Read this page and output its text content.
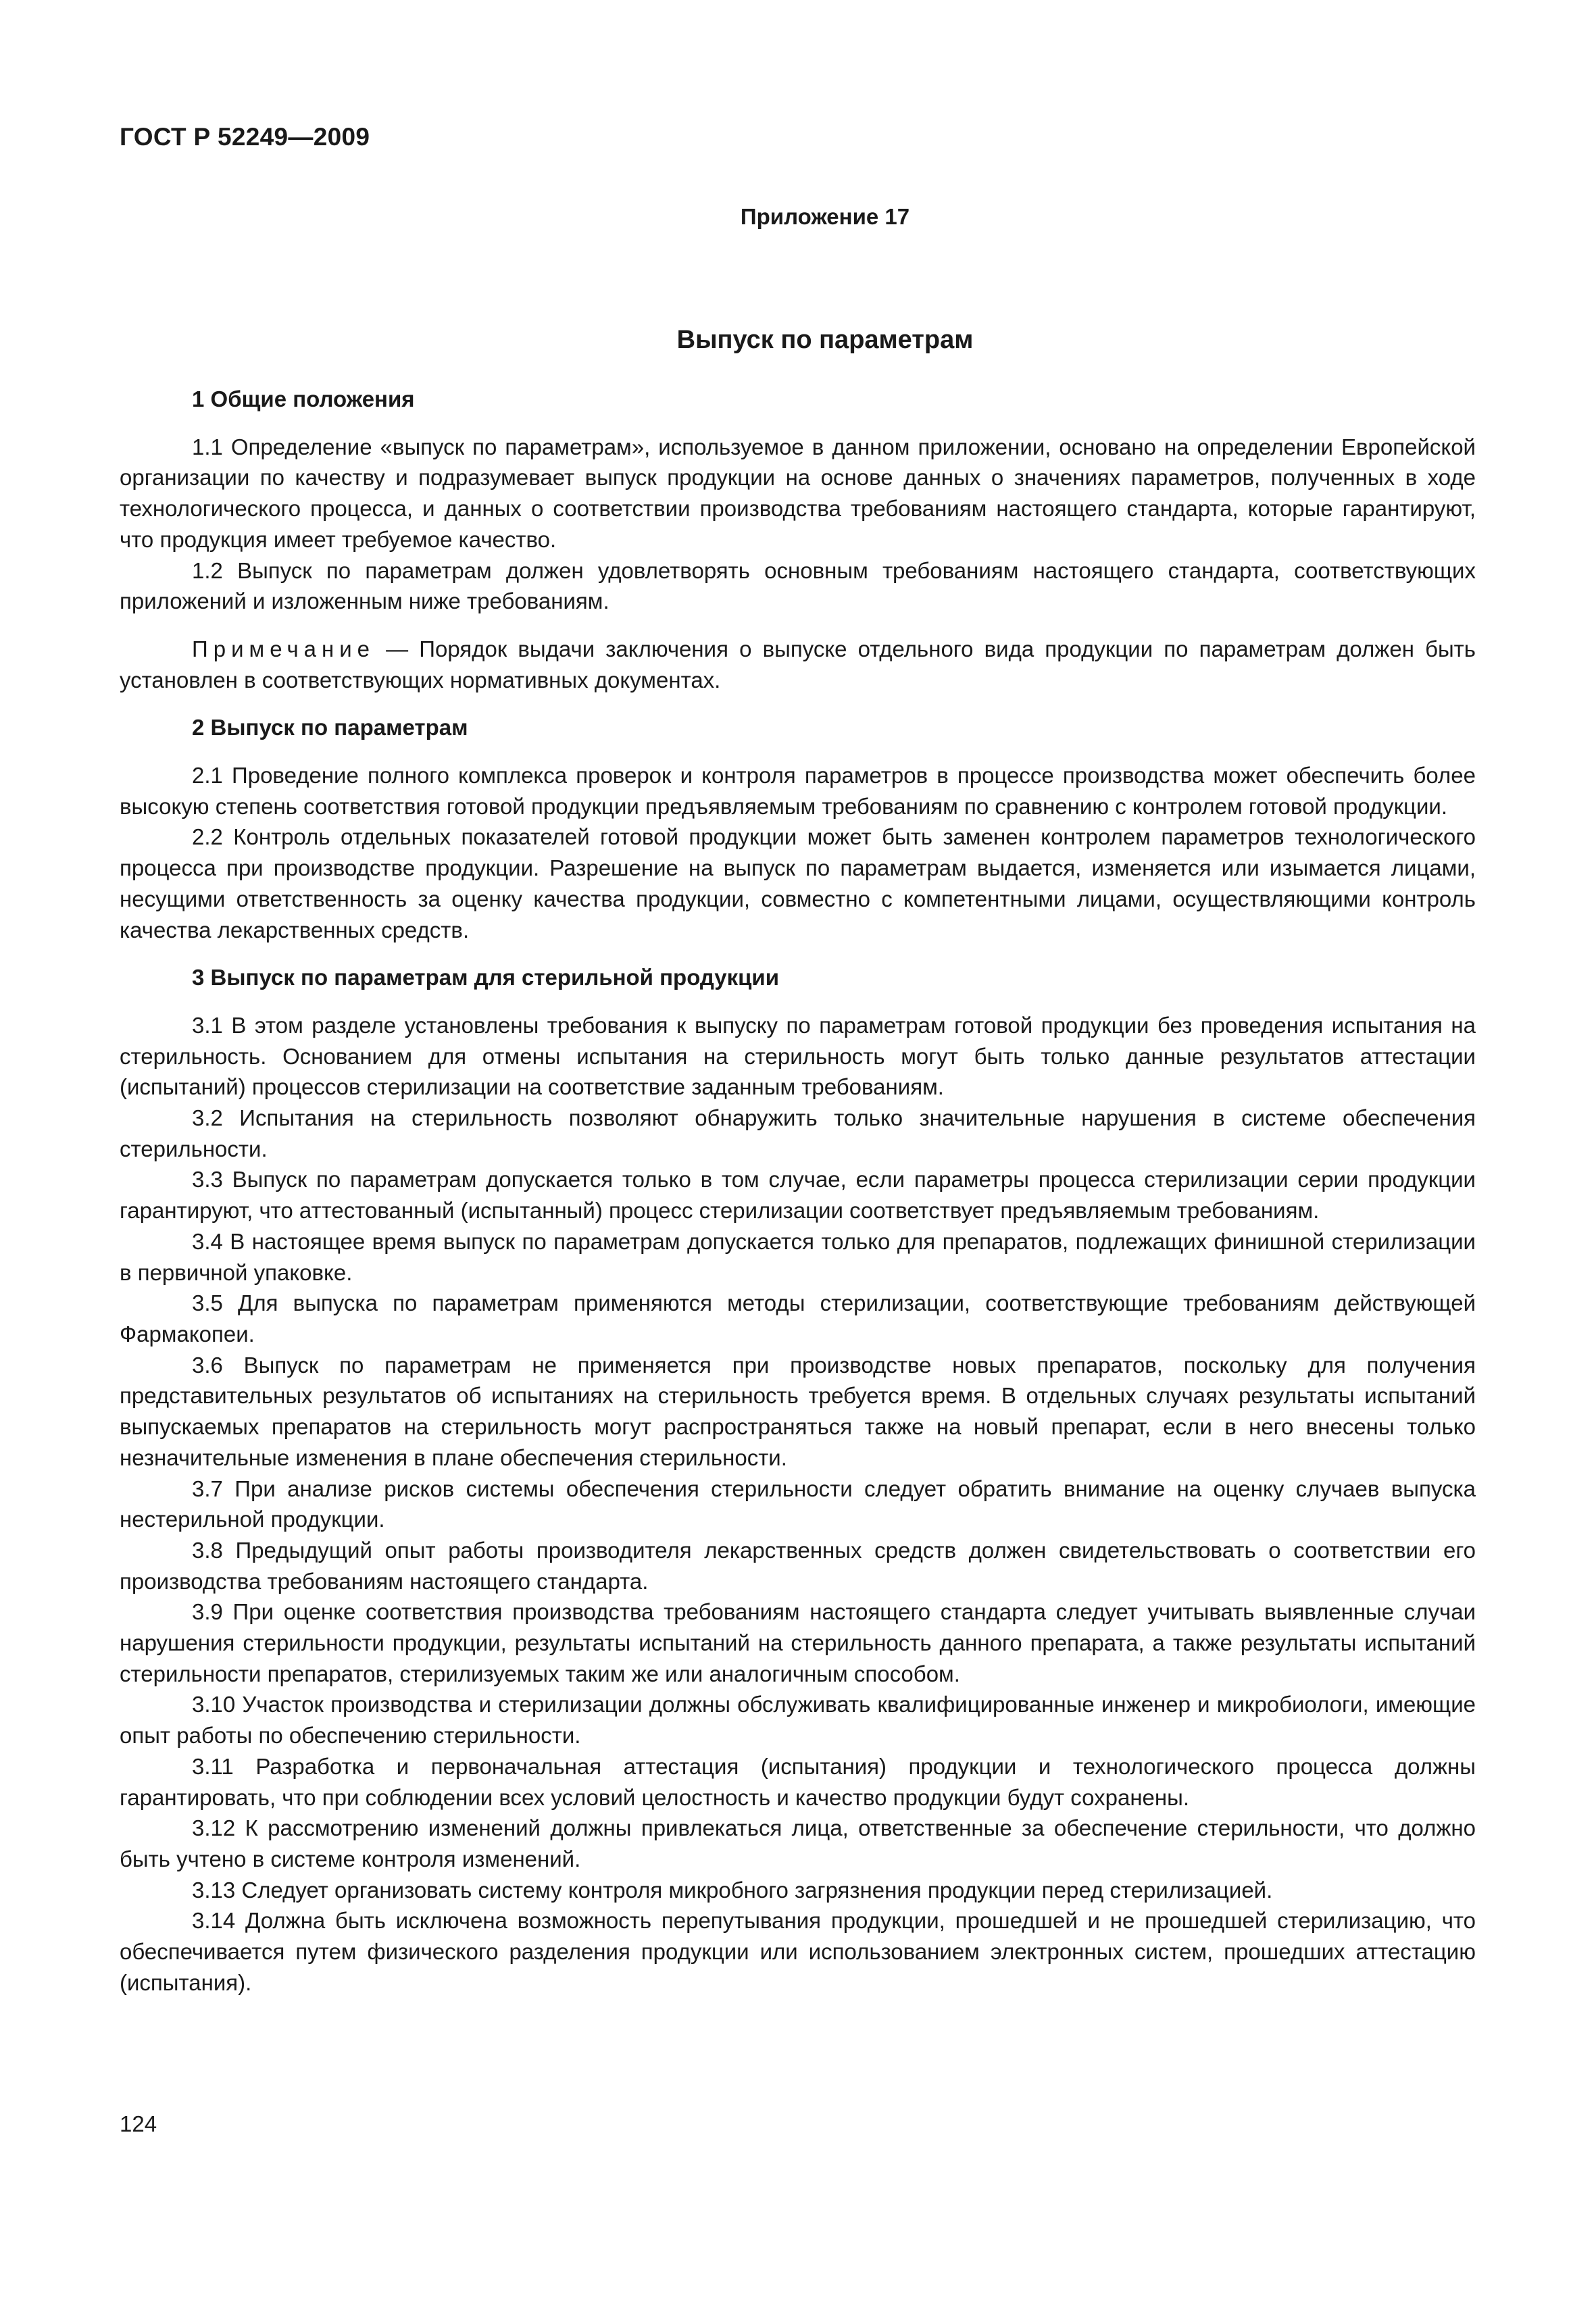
ГОСТ Р 52249—2009
Приложение 17
Выпуск по параметрам
1 Общие положения

1.1 Определение «выпуск по параметрам», используемое в данном приложении, основано на определении Европейской организации по качеству и подразумевает выпуск продукции на основе данных о значениях параметров, полученных в ходе технологического процесса, и данных о соответствии производства требованиям настоящего стандарта, которые гарантируют, что продукция имеет требуемое качество.

1.2 Выпуск по параметрам должен удовлетворять основным требованиям настоящего стандарта, соответствующих приложений и изложенным ниже требованиям.

Примечание — Порядок выдачи заключения о выпуске отдельного вида продукции по параметрам должен быть установлен в соответствующих нормативных документах.

2 Выпуск по параметрам

2.1 Проведение полного комплекса проверок и контроля параметров в процессе производства может обеспечить более высокую степень соответствия готовой продукции предъявляемым требованиям по сравнению с контролем готовой продукции.

2.2 Контроль отдельных показателей готовой продукции может быть заменен контролем параметров технологического процесса при производстве продукции. Разрешение на выпуск по параметрам выдается, изменяется или изымается лицами, несущими ответственность за оценку качества продукции, совместно с компетентными лицами, осуществляющими контроль качества лекарственных средств.

3 Выпуск по параметрам для стерильной продукции

3.1 В этом разделе установлены требования к выпуску по параметрам готовой продукции без проведения испытания на стерильность. Основанием для отмены испытания на стерильность могут быть только данные результатов аттестации (испытаний) процессов стерилизации на соответствие заданным требованиям.

3.2 Испытания на стерильность позволяют обнаружить только значительные нарушения в системе обеспечения стерильности.

3.3 Выпуск по параметрам допускается только в том случае, если параметры процесса стерилизации серии продукции гарантируют, что аттестованный (испытанный) процесс стерилизации соответствует предъявляемым требованиям.

3.4 В настоящее время выпуск по параметрам допускается только для препаратов, подлежащих финишной стерилизации в первичной упаковке.

3.5 Для выпуска по параметрам применяются методы стерилизации, соответствующие требованиям действующей Фармакопеи.

3.6 Выпуск по параметрам не применяется при производстве новых препаратов, поскольку для получения представительных результатов об испытаниях на стерильность требуется время. В отдельных случаях результаты испытаний выпускаемых препаратов на стерильность могут распространяться также на новый препарат, если в него внесены только незначительные изменения в плане обеспечения стерильности.

3.7 При анализе рисков системы обеспечения стерильности следует обратить внимание на оценку случаев выпуска нестерильной продукции.

3.8 Предыдущий опыт работы производителя лекарственных средств должен свидетельствовать о соответствии его производства требованиям настоящего стандарта.

3.9 При оценке соответствия производства требованиям настоящего стандарта следует учитывать выявленные случаи нарушения стерильности продукции, результаты испытаний на стерильность данного препарата, а также результаты испытаний стерильности препаратов, стерилизуемых таким же или аналогичным способом.

3.10 Участок производства и стерилизации должны обслуживать квалифицированные инженер и микробиологи, имеющие опыт работы по обеспечению стерильности.

3.11 Разработка и первоначальная аттестация (испытания) продукции и технологического процесса должны гарантировать, что при соблюдении всех условий целостность и качество продукции будут сохранены.

3.12 К рассмотрению изменений должны привлекаться лица, ответственные за обеспечение стерильности, что должно быть учтено в системе контроля изменений.

3.13 Следует организовать систему контроля микробного загрязнения продукции перед стерилизацией.

3.14 Должна быть исключена возможность перепутывания продукции, прошедшей и не прошедшей стерилизацию, что обеспечивается путем физического разделения продукции или использованием электронных систем, прошедших аттестацию (испытания).

124
